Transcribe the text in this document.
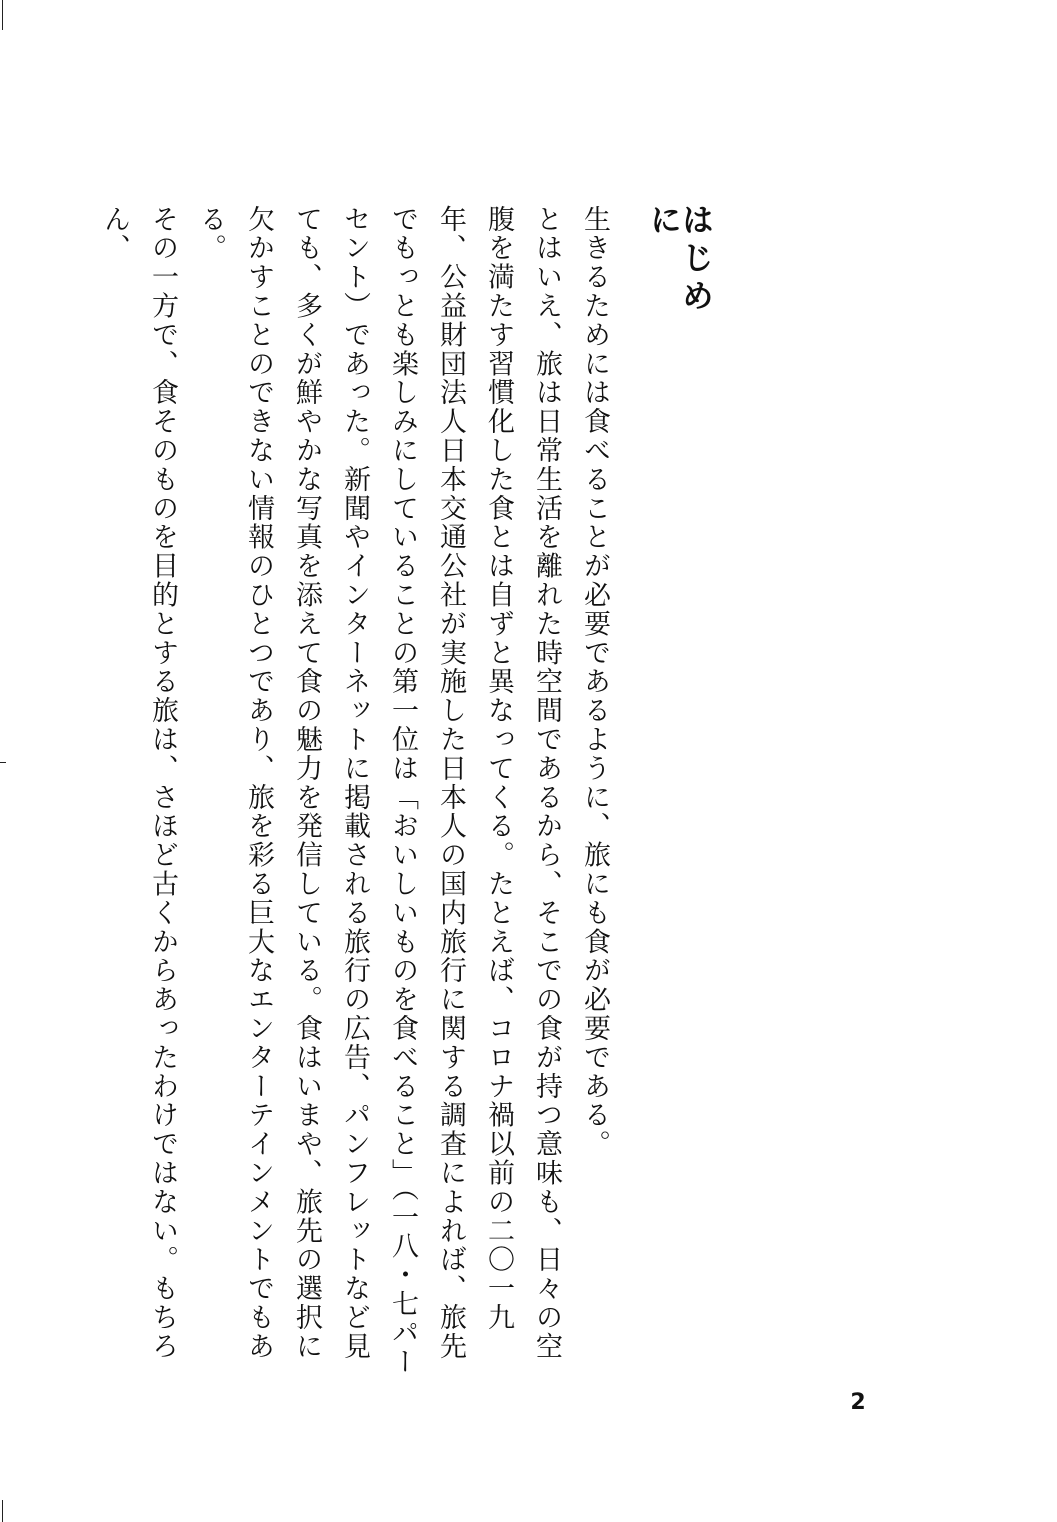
はじめに

生きるためには食べることが必要であるように、旅にも食が必要である。

とはいえ、旅は日常生活を離れた時空間であるから、そこでの食が持つ意味も、日々の空腹を満たす習慣化した食とは自ずと異なってくる。たとえば、コロナ禍以前の二〇一九年、公益財団法人日本交通公社が実施した日本人の国内旅行に関する調査によれば、旅先でもっとも楽しみにしていることの第一位は「おいしいものを食べること」（一八・七パーセント）であった。新聞やインターネットに掲載される旅行の広告、パンフレットなど見ても、多くが鮮やかな写真を添えて食の魅力を発信している。食はいまや、旅先の選択に欠かすことのできない情報のひとつであり、旅を彩る巨大なエンターテインメントでもある。

その一方で、食そのものを目的とする旅は、さほど古くからあったわけではない。もちろん、

2
